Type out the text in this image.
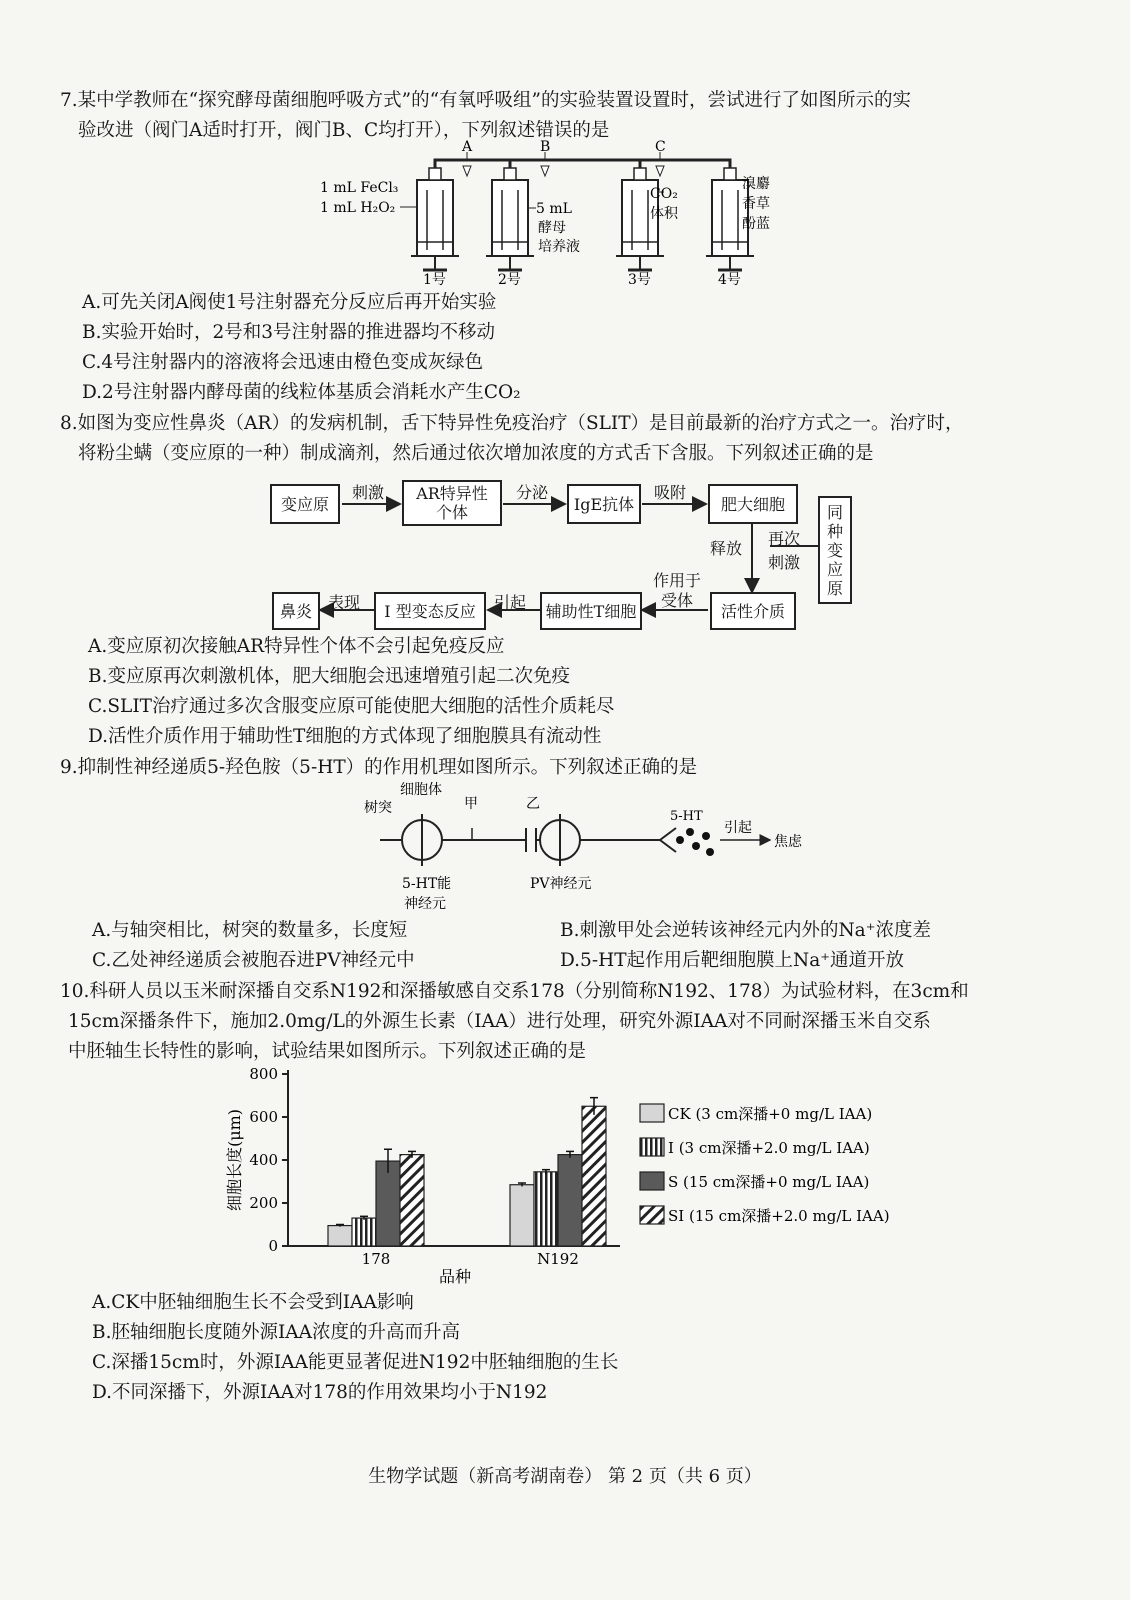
7.某中学教师在“探究酵母菌细胞呼吸方式”的“有氧呼吸组”的实验装置设置时，尝试进行了如图所示的实
验改进（阀门A适时打开，阀门B、C均打开），下列叙述错误的是
A	B	C
1 mL FeCl₃
1 mL H₂O₂	5 mL
酵母
培养液
CO₂
体积
溴麝
香草
酚蓝
1号	2号	3号	4号
A.可先关闭A阀使1号注射器充分反应后再开始实验
B.实验开始时，2号和3号注射器的推进器均不移动
C.4号注射器内的溶液将会迅速由橙色变成灰绿色
D.2号注射器内酵母菌的线粒体基质会消耗水产生CO₂
8.如图为变应性鼻炎（AR）的发病机制，舌下特异性免疫治疗（SLIT）是目前最新的治疗方式之一。治疗时，
将粉尘螨（变应原的一种）制成滴剂，然后通过依次增加浓度的方式舌下含服。下列叙述正确的是
变应原
刺激 AR特异性
个体
分泌
IgE抗体
吸附
肥大细胞	同种变应原
再次
刺激
释放
作用于
受体
活性介质
辅助性T细胞
引起
I 型变态反应
表现
鼻炎
A.变应原初次接触AR特异性个体不会引起免疫反应
B.变应原再次刺激机体，肥大细胞会迅速增殖引起二次免疫
C.SLIT治疗通过多次含服变应原可能使肥大细胞的活性介质耗尽
D.活性介质作用于辅助性T细胞的方式体现了细胞膜具有流动性
9.抑制性神经递质5-羟色胺（5-HT）的作用机理如图所示。下列叙述正确的是
细胞体
树突	甲	乙
5-HT
引起
焦虑
5-HT能
神经元
PV神经元
A.与轴突相比，树突的数量多，长度短	B.刺激甲处会逆转该神经元内外的Na⁺浓度差
C.乙处神经递质会被胞吞进PV神经元中	D.5-HT起作用后靶细胞膜上Na⁺通道开放
10.科研人员以玉米耐深播自交系N192和深播敏感自交系178（分别简称N192、178）为试验材料，在3cm和
15cm深播条件下，施加2.0mg/L的外源生长素（IAA）进行处理，研究外源IAA对不同耐深播玉米自交系
中胚轴生长特性的影响，试验结果如图所示。下列叙述正确的是
0
200
400
600
800
细胞长度(μm)
品种
178	N192
CK (3 cm深播+0 mg/L IAA)
I (3 cm深播+2.0 mg/L IAA)
S (15 cm深播+0 mg/L IAA)
SI (15 cm深播+2.0 mg/L IAA)
A.CK中胚轴细胞生长不会受到IAA影响
B.胚轴细胞长度随外源IAA浓度的升高而升高
C.深播15cm时，外源IAA能更显著促进N192中胚轴细胞的生长
D.不同深播下，外源IAA对178的作用效果均小于N192
生物学试题（新高考湖南卷） 第 2 页（共 6 页）
